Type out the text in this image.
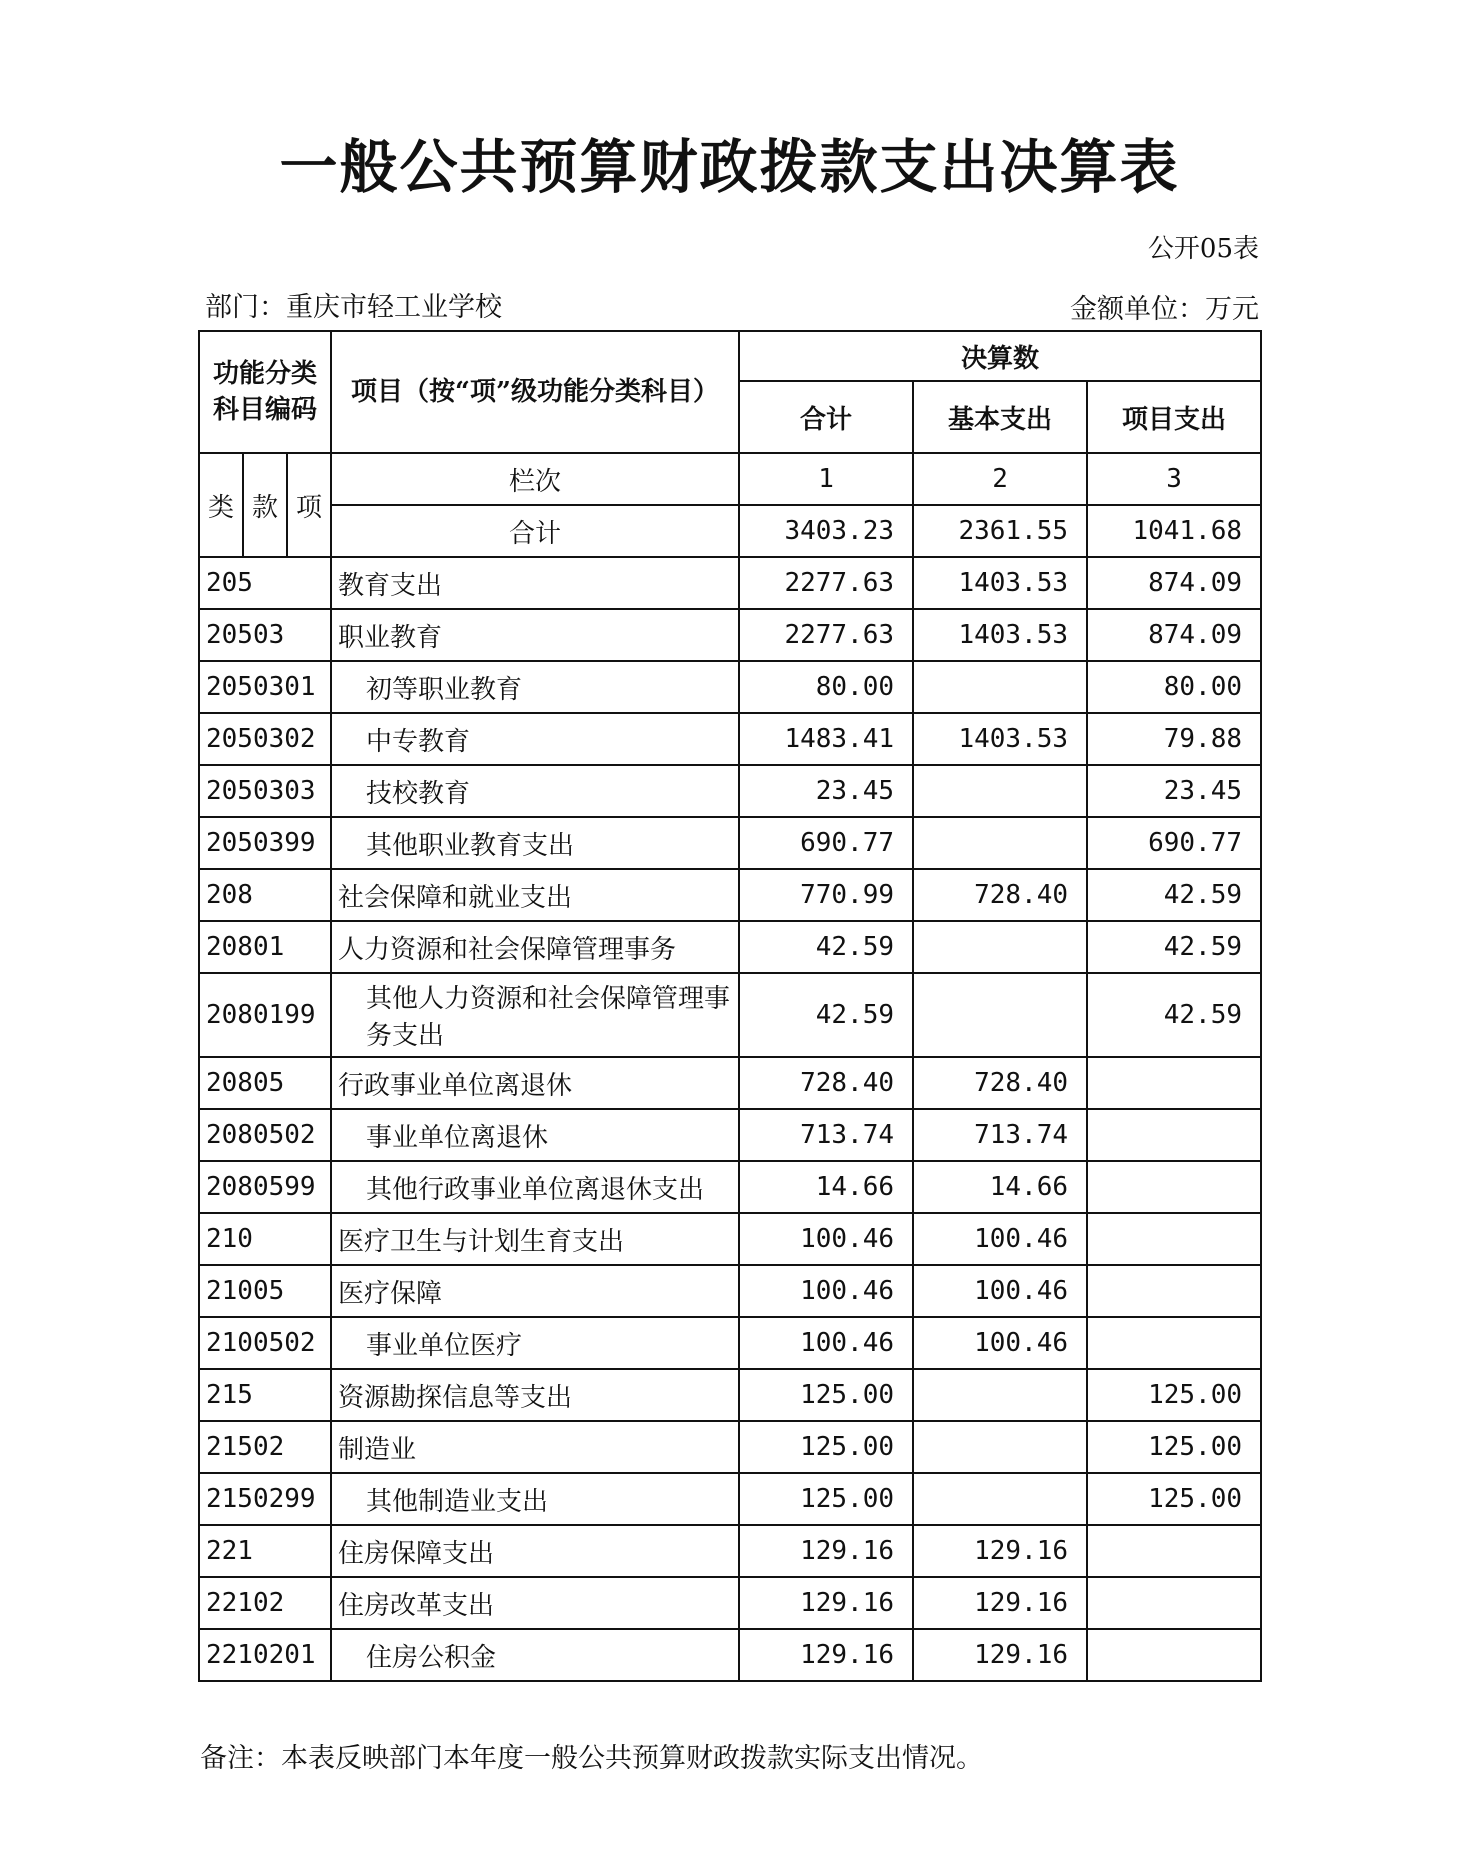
一般公共预算财政拨款支出决算表
公开05表
部门：重庆市轻工业学校	金额单位：万元
功能分类科目编码			项目（按“项”级功能分类科目）	决算数		
				合计	基本支出	项目支出
类	款	项	栏次	1	2	3
			合计	3403.23	2361.55	1041.68
205			教育支出	2277.63	1403.53	874.09
20503			职业教育	2277.63	1403.53	874.09
2050301			初等职业教育	80.00		80.00
2050302			中专教育	1483.41	1403.53	79.88
2050303			技校教育	23.45		23.45
2050399			其他职业教育支出	690.77		690.77
208			社会保障和就业支出	770.99	728.40	42.59
20801			人力资源和社会保障管理事务	42.59		42.59
2080199			其他人力资源和社会保障管理事务支出	42.59		42.59
20805			行政事业单位离退休	728.40	728.40	
2080502			事业单位离退休	713.74	713.74	
2080599			其他行政事业单位离退休支出	14.66	14.66	
210			医疗卫生与计划生育支出	100.46	100.46	
21005			医疗保障	100.46	100.46	
2100502			事业单位医疗	100.46	100.46	
215			资源勘探信息等支出	125.00		125.00
21502			制造业	125.00		125.00
2150299			其他制造业支出	125.00		125.00
221			住房保障支出	129.16	129.16	
22102			住房改革支出	129.16	129.16	
2210201			住房公积金	129.16	129.16	
备注：本表反映部门本年度一般公共预算财政拨款实际支出情况。
